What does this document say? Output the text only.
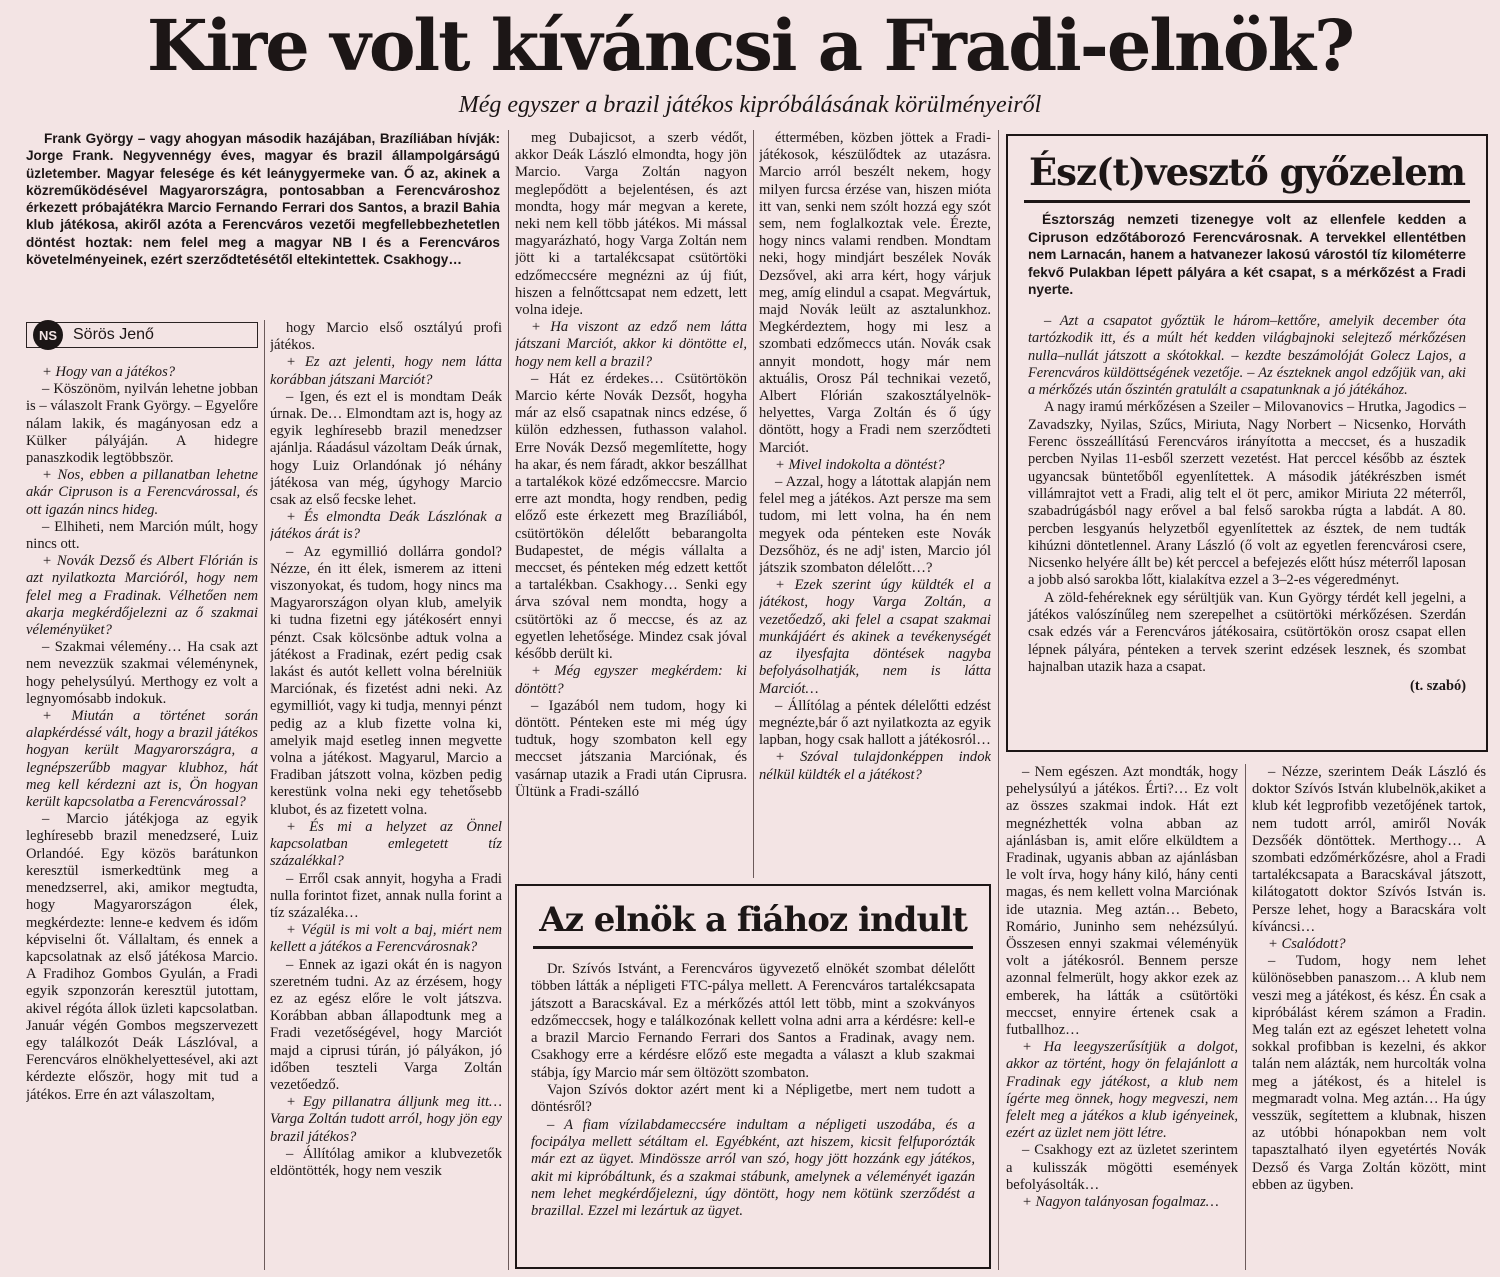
Kire volt kíváncsi a Fradi-elnök?
Még egyszer a brazil játékos kipróbálásának körülményeiről

Frank György – vagy ahogyan második hazájában, Brazíliában hívják: Jorge Frank. Negyvennégy éves, magyar és brazil állampolgárságú üzletember. Magyar felesége és két leánygyermeke van. Ő az, akinek a közreműködésével Magyarországra, pontosabban a Ferencvároshoz érkezett próbajátékra Marcio Fernando Ferrari dos Santos, a brazil Bahia klub játékosa, akiről azóta a Ferencváros vezetői megfellebbezhetetlen döntést hoztak: nem felel meg a magyar NB I és a Ferencváros követelményeinek, ezért szerződtetésétől eltekintettek. Csakhogy…

NS Sörös Jenő

+ Hogy van a játékos?

– Köszönöm, nyilván lehetne jobban is – válaszolt Frank György. – Egyelőre nálam lakik, és magányosan edz a Külker pályáján. A hidegre panaszkodik legtöbbször.

+ Nos, ebben a pillanatban lehetne akár Cipruson is a Ferencvárossal, és ott igazán nincs hideg.

– Elhiheti, nem Marción múlt, hogy nincs ott.

+ Novák Dezső és Albert Flórián is azt nyilatkozta Marcióról, hogy nem felel meg a Fradinak. Vélhetően nem akarja megkérdőjelezni az ő szakmai véleményüket?

– Szakmai vélemény… Ha csak azt nem nevezzük szakmai véleménynek, hogy pehelysúlyú. Merthogy ez volt a legnyomósabb indokuk.

+ Miután a történet során alapkérdéssé vált, hogy a brazil játékos hogyan került Magyarországra, a legnépszerűbb magyar klubhoz, hát meg kell kérdezni azt is, Ön hogyan került kapcsolatba a Ferencvárossal?

– Marcio játékjoga az egyik leghíresebb brazil menedzseré, Luiz Orlandóé. Egy közös barátunkon keresztül ismerkedtünk meg a menedzserrel, aki, amikor megtudta, hogy Magyarországon élek, megkérdezte: lenne-e kedvem és időm képviselni őt. Vállaltam, és ennek a kapcsolatnak az első játékosa Marcio. A Fradihoz Gombos Gyulán, a Fradi egyik szponzorán keresztül jutottam, akivel régóta állok üzleti kapcsolatban. Január végén Gombos megszervezett egy találkozót Deák Lászlóval, a Ferencváros elnökhelyettesével, aki azt kérdezte először, hogy mit tud a játékos. Erre én azt válaszoltam,

hogy Marcio első osztályú profi játékos.

+ Ez azt jelenti, hogy nem látta korábban játszani Marciót?

– Igen, és ezt el is mondtam Deák úrnak. De… Elmondtam azt is, hogy az egyik leghíresebb brazil menedzser ajánlja. Ráadásul vázoltam Deák úrnak, hogy Luiz Orlandónak jó néhány játékosa van még, úgyhogy Marcio csak az első fecske lehet.

+ És elmondta Deák Lászlónak a játékos árát is?

– Az egymillió dollárra gondol? Nézze, én itt élek, ismerem az itteni viszonyokat, és tudom, hogy nincs ma Magyarországon olyan klub, amelyik ki tudna fizetni egy játékosért ennyi pénzt. Csak kölcsönbe adtuk volna a játékost a Fradinak, ezért pedig csak lakást és autót kellett volna bérelniük Marciónak, és fizetést adni neki. Az egymilliót, vagy ki tudja, mennyi pénzt pedig az a klub fizette volna ki, amelyik majd esetleg innen megvette volna a játékost. Magyarul, Marcio a Fradiban játszott volna, közben pedig kerestünk volna neki egy tehetősebb klubot, és az fizetett volna.

+ És mi a helyzet az Önnel kapcsolatban emlegetett tíz százalékkal?

– Erről csak annyit, hogyha a Fradi nulla forintot fizet, annak nulla forint a tíz százaléka…

+ Végül is mi volt a baj, miért nem kellett a játékos a Ferencvárosnak?

– Ennek az igazi okát én is nagyon szeretném tudni. Az az érzésem, hogy ez az egész előre le volt játszva. Korábban abban állapodtunk meg a Fradi vezetőségével, hogy Marciót majd a ciprusi túrán, jó pályákon, jó időben teszteli Varga Zoltán vezetőedző.

+ Egy pillanatra álljunk meg itt… Varga Zoltán tudott arról, hogy jön egy brazil játékos?

– Állítólag amikor a klubvezetők eldöntötték, hogy nem veszik

meg Dubajicsot, a szerb védőt, akkor Deák László elmondta, hogy jön Marcio. Varga Zoltán nagyon meglepődött a bejelentésen, és azt mondta, hogy már megvan a kerete, neki nem kell több játékos. Mi mással magyarázható, hogy Varga Zoltán nem jött ki a tartalékcsapat csütörtöki edzőmeccsére megnézni az új fiút, hiszen a felnőttcsapat nem edzett, lett volna ideje.

+ Ha viszont az edző nem látta játszani Marciót, akkor ki döntötte el, hogy nem kell a brazil?

– Hát ez érdekes… Csütörtökön Marcio kérte Novák Dezsőt, hogyha már az első csapatnak nincs edzése, ő külön edzhessen, futhasson valahol. Erre Novák Dezső megemlítette, hogy ha akar, és nem fáradt, akkor beszállhat a tartalékok közé edzőmeccsre. Marcio erre azt mondta, hogy rendben, pedig előző este érkezett meg Brazíliából, csütörtökön délelőtt bebarangolta Budapestet, de mégis vállalta a meccset, és pénteken még edzett kettőt a tartalékban. Csakhogy… Senki egy árva szóval nem mondta, hogy a csütörtöki az ő meccse, és az az egyetlen lehetősége. Mindez csak jóval később derült ki.

+ Még egyszer megkérdem: ki döntött?

– Igazából nem tudom, hogy ki döntött. Pénteken este mi még úgy tudtuk, hogy szombaton kell egy meccset játszania Marciónak, és vasárnap utazik a Fradi után Ciprusra. Ültünk a Fradi-szálló

éttermében, közben jöttek a Fradi-játékosok, készülődtek az utazásra. Marcio arról beszélt nekem, hogy milyen furcsa érzése van, hiszen mióta itt van, senki nem szólt hozzá egy szót sem, nem foglalkoztak vele. Érezte, hogy nincs valami rendben. Mondtam neki, hogy mindjárt beszélek Novák Dezsővel, aki arra kért, hogy várjuk meg, amíg elindul a csapat. Megvártuk, majd Novák leült az asztalunkhoz. Megkérdeztem, hogy mi lesz a szombati edzőmeccs után. Novák csak annyit mondott, hogy már nem aktuális, Orosz Pál technikai vezető, Albert Flórián szakosztályelnök-helyettes, Varga Zoltán és ő úgy döntött, hogy a Fradi nem szerződteti Marciót.

+ Mivel indokolta a döntést?

– Azzal, hogy a látottak alapján nem felel meg a játékos. Azt persze ma sem tudom, mi lett volna, ha én nem megyek oda pénteken este Novák Dezsőhöz, és ne adj' isten, Marcio jól játszik szombaton délelőtt…?

+ Ezek szerint úgy küldték el a játékost, hogy Varga Zoltán, a vezetőedző, aki felel a csapat szakmai munkájáért és akinek a tevékenységét az ilyesfajta döntések nagyba befolyásolhatják, nem is látta Marciót…

– Állítólag a péntek délelőtti edzést megnézte,bár ő azt nyilatkozta az egyik lapban, hogy csak hallott a játékosról…

+ Szóval tulajdonképpen indok nélkül küldték el a játékost?	– Nem egészen. Azt mondták, hogy pehelysúlyú a játékos. Érti?… Ez volt az összes szakmai indok. Hát ezt megnézhették volna abban az ajánlásban is, amit előre elküldtem a Fradinak, ugyanis abban az ajánlásban le volt írva, hogy hány kiló, hány centi magas, és nem kellett volna Marciónak ide utaznia. Meg aztán… Bebeto, Romário, Juninho sem nehézsúlyú. Összesen ennyi szakmai véleményük volt a játékosról. Bennem persze azonnal felmerült, hogy akkor ezek az emberek, ha látták a csütörtöki meccset, ennyire értenek csak a futballhoz…

+ Ha leegyszerűsítjük a dolgot, akkor az történt, hogy ön felajánlott a Fradinak egy játékost, a klub nem ígérte meg önnek, hogy megveszi, nem felelt meg a játékos a klub igényeinek, ezért az üzlet nem jött létre.

– Csakhogy ezt az üzletet szerintem a kulisszák mögötti események befolyásolták…

+ Nagyon talányosan fogalmaz…

– Nézze, szerintem Deák László és doktor Szívós István klubelnök,akiket a klub két legprofibb vezetőjének tartok, nem tudott arról, amiről Novák Dezsőék döntöttek. Merthogy… A szombati edzőmérkőzésre, ahol a Fradi tartalékcsapata a Baracskával játszott, kilátogatott doktor Szívós István is. Persze lehet, hogy a Baracskára volt kíváncsi…

+ Csalódott?

– Tudom, hogy nem lehet különösebben panaszom… A klub nem veszi meg a játékost, és kész. Én csak a kipróbálást kérem számon a Fradin. Meg talán ezt az egészet lehetett volna sokkal profibban is kezelni, és akkor talán nem alázták, nem hurcolták volna meg a játékost, és a hitelel is megmaradt volna. Meg aztán… Ha úgy vesszük, segítettem a klubnak, hiszen az utóbbi hónapokban nem volt tapasztalható ilyen egyetértés Novák Dezső és Varga Zoltán között, mint ebben az ügyben.

Ész(t)vesztő győzelem

Észtország nemzeti tizenegye volt az ellenfele kedden a Cipruson edzőtáborozó Ferencvárosnak. A tervekkel ellentétben nem Larnacán, hanem a hatvanezer lakosú várostól tíz kilométerre fekvő Pulakban lépett pályára a két csapat, s a mérkőzést a Fradi nyerte.

– Azt a csapatot győztük le három–kettőre, amelyik december óta tartózkodik itt, és a múlt hét kedden világbajnoki selejtező mérkőzésen nulla–nullát játszott a skótokkal. – kezdte beszámolóját Golecz Lajos, a Ferencváros küldöttségének vezetője. – Az észteknek angol edzőjük van, aki a mérkőzés után őszintén gratulált a csapatunknak a jó játékához.

A nagy iramú mérkőzésen a Szeiler – Milovanovics – Hrutka, Jagodics – Zavadszky, Nyilas, Szűcs, Miriuta, Nagy Norbert – Nicsenko, Horváth Ferenc összeállítású Ferencváros irányította a meccset, és a huszadik percben Nyilas 11-esből szerzett vezetést. Hat perccel később az észtek ugyancsak büntetőből egyenlítettek. A második játékrészben ismét villámrajtot vett a Fradi, alig telt el öt perc, amikor Miriuta 22 méterről, szabadrúgásból nagy erővel a bal felső sarokba rúgta a labdát. A 80. percben lesgyanús helyzetből egyenlítettek az észtek, de nem tudták kihúzni döntetlennel. Arany László (ő volt az egyetlen ferencvárosi csere, Nicsenko helyére állt be) két perccel a befejezés előtt húsz méterről laposan a jobb alsó sarokba lőtt, kialakítva ezzel a 3–2-es végeredményt.

A zöld-fehéreknek egy sérültjük van. Kun György térdét kell jegelni, a játékos valószínűleg nem szerepelhet a csütörtöki mérkőzésen. Szerdán csak edzés vár a Ferencváros játékosaira, csütörtökön orosz csapat ellen lépnek pályára, pénteken a tervek szerint edzések lesznek, és szombat hajnalban utazik haza a csapat.

(t. szabó)

Az elnök a fiához indult

Dr. Szívós Istvánt, a Ferencváros ügyvezető elnökét szombat délelőtt többen látták a népligeti FTC-pálya mellett. A Ferencváros tartalékcsapata játszott a Baracskával. Ez a mérkőzés attól lett több, mint a szokványos edzőmeccsek, hogy e találkozónak kellett volna adni arra a kérdésre: kell-e a brazil Marcio Fernando Ferrari dos Santos a Fradinak, avagy nem. Csakhogy erre a kérdésre előző este megadta a választ a klub szakmai stábja, így Marcio már sem öltözött szombaton.

Vajon Szívós doktor azért ment ki a Népligetbe, mert nem tudott a döntésről?

– A fiam vízilabdameccsére indultam a népligeti uszodába, és a focipálya mellett sétáltam el. Egyébként, azt hiszem, kicsit felfuporózták már ezt az ügyet. Mindössze arról van szó, hogy jött hozzánk egy játékos, akit mi kipróbáltunk, és a szakmai stábunk, amelynek a véleményét igazán nem lehet megkérdőjelezni, úgy döntött, hogy nem kötünk szerződést a brazillal. Ezzel mi lezártuk az ügyet.
